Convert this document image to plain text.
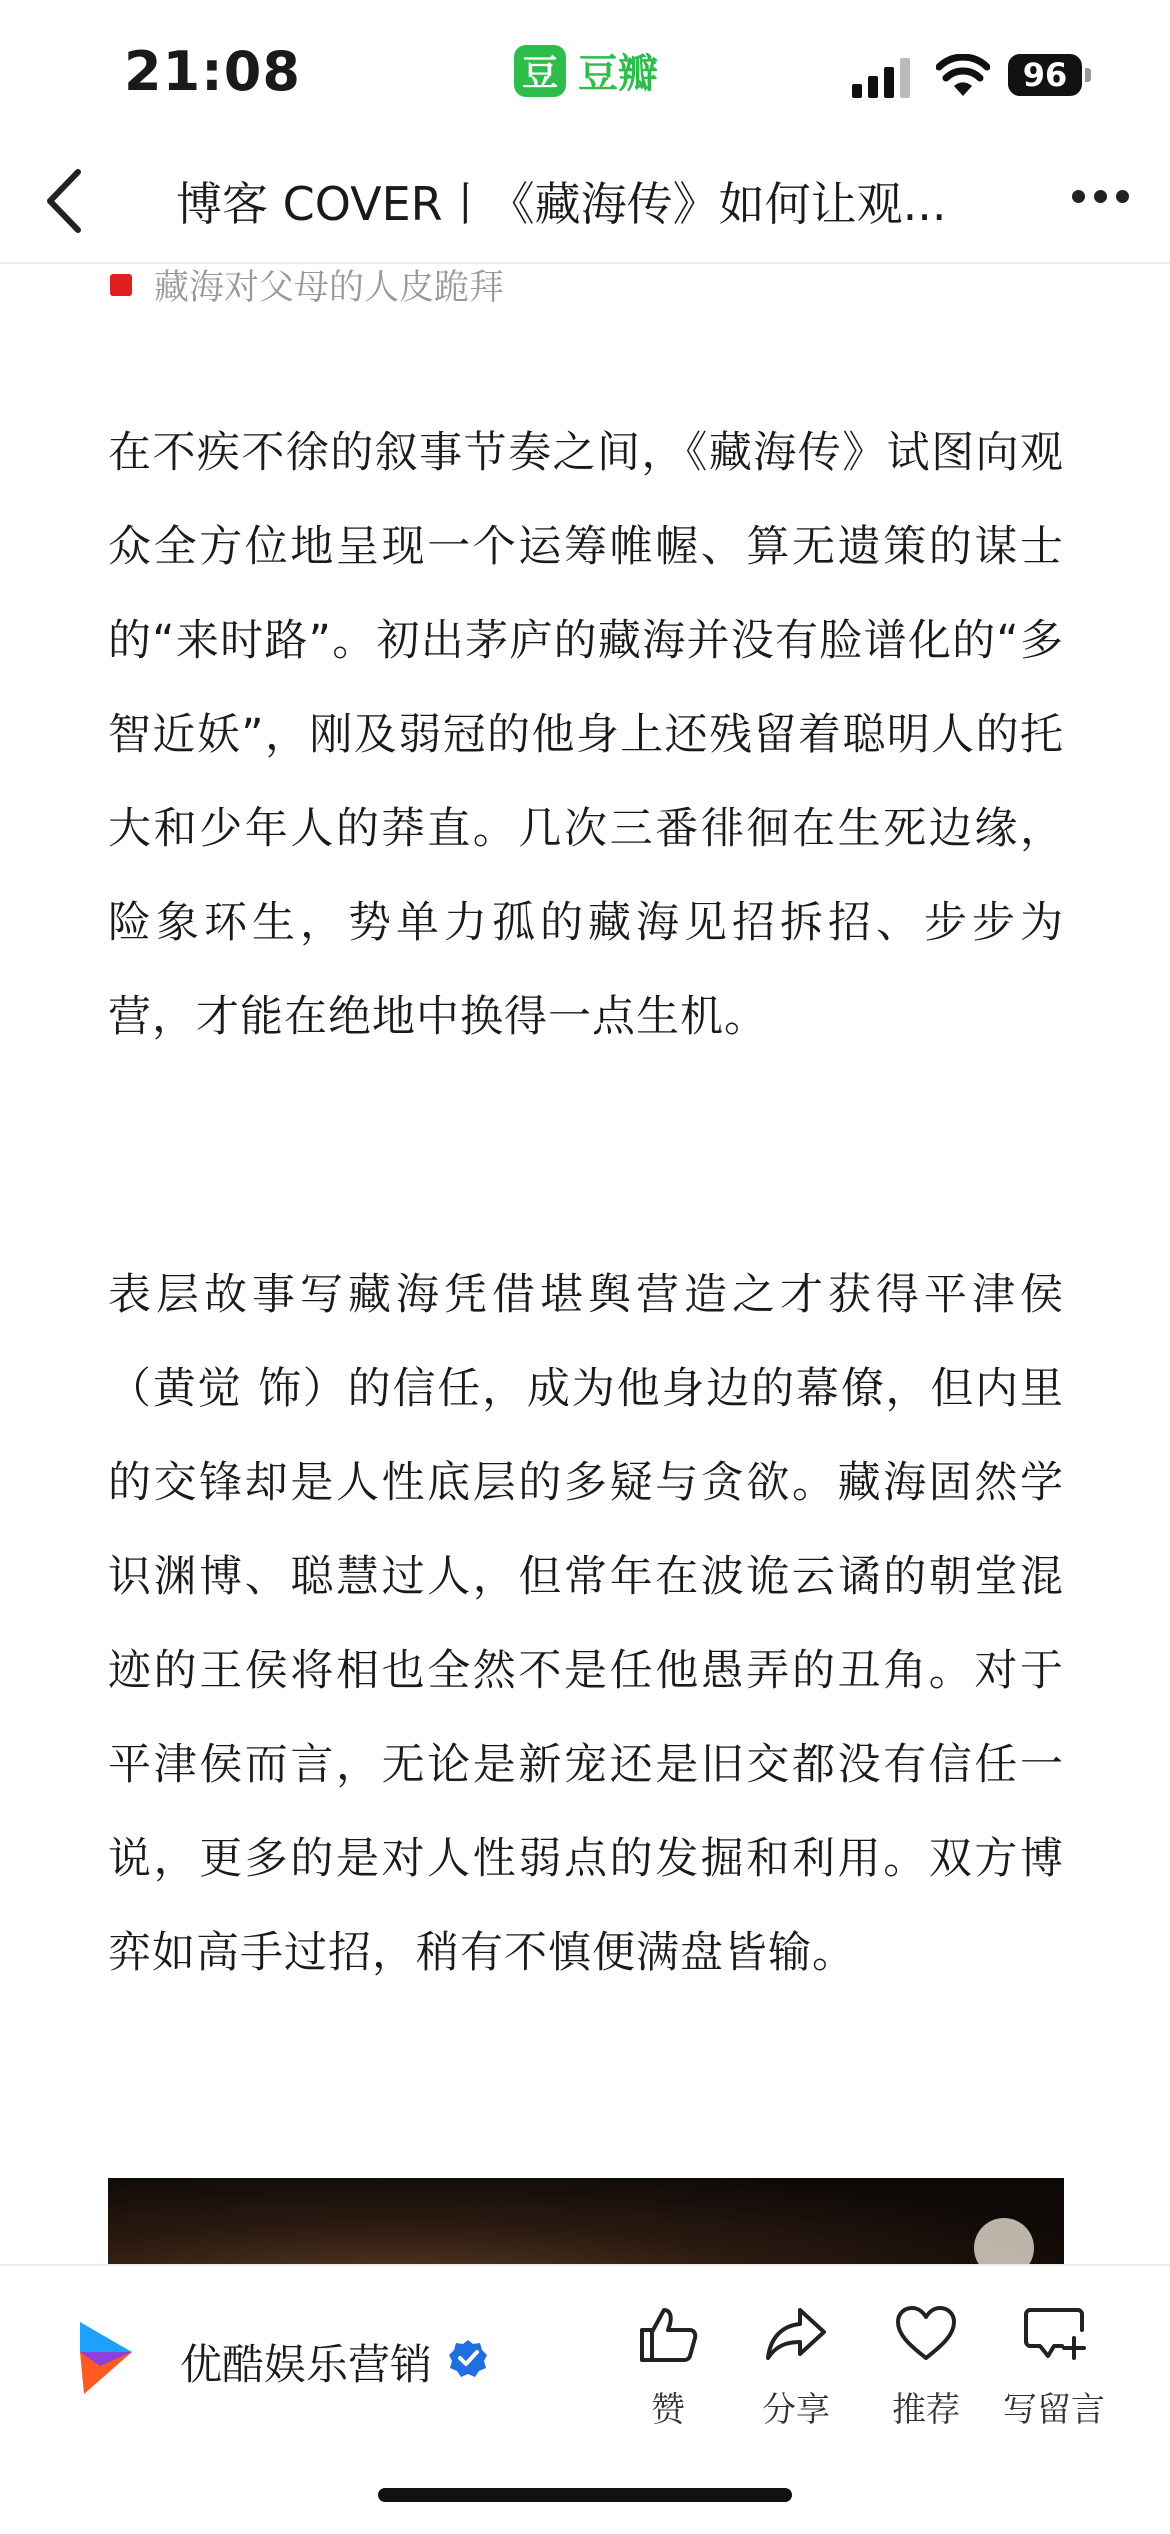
21:08	豆 豆瓣	96
博客 COVER丨《藏海传》如何让观...
藏海对父母的人皮跪拜
在不疾不徐的叙事节奏之间，《藏海传》试图向观众全方位地呈现一个运筹帷幄、算无遗策的谋士的“来时路”。初出茅庐的藏海并没有脸谱化的“多智近妖”，刚及弱冠的他身上还残留着聪明人的托大和少年人的莽直。几次三番徘徊在生死边缘，险象环生，势单力孤的藏海见招拆招、步步为营，才能在绝地中换得一点生机。
表层故事写藏海凭借堪舆营造之才获得平津侯（黄觉 饰）的信任，成为他身边的幕僚，但内里的交锋却是人性底层的多疑与贪欲。藏海固然学识渊博、聪慧过人，但常年在波诡云谲的朝堂混迹的王侯将相也全然不是任他愚弄的丑角。对于平津侯而言，无论是新宠还是旧交都没有信任一说，更多的是对人性弱点的发掘和利用。双方博弈如高手过招，稍有不慎便满盘皆输。
优酷娱乐营销
赞	分享	推荐	写留言
